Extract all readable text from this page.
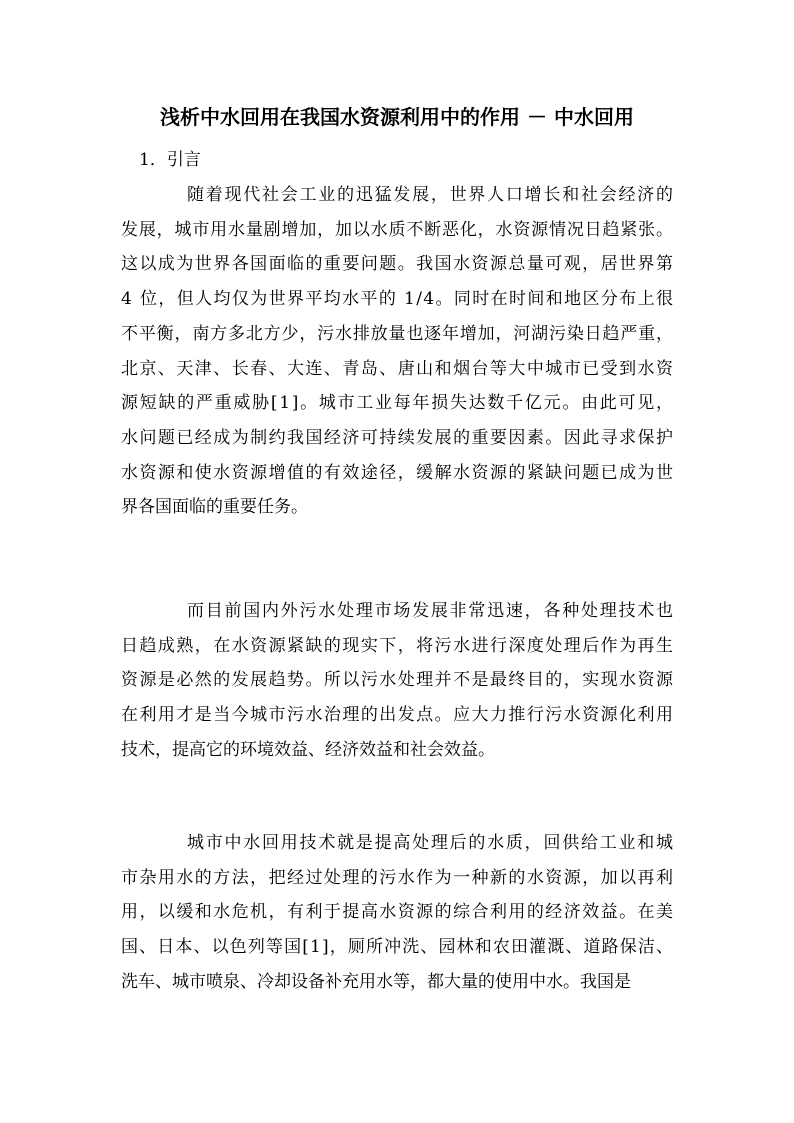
浅析中水回用在我国水资源利用中的作用 － 中水回用
1．引言
随着现代社会工业的迅猛发展，世界人口增长和社会经济的
发展，城市用水量剧增加，加以水质不断恶化，水资源情况日趋紧张。
这以成为世界各国面临的重要问题。我国水资源总量可观，居世界第
4 位，但人均仅为世界平均水平的 1/4。同时在时间和地区分布上很
不平衡，南方多北方少，污水排放量也逐年增加，河湖污染日趋严重，
北京、天津、长春、大连、青岛、唐山和烟台等大中城市已受到水资
源短缺的严重威胁[1]。城市工业每年损失达数千亿元。由此可见，
水问题已经成为制约我国经济可持续发展的重要因素。因此寻求保护
水资源和使水资源增值的有效途径，缓解水资源的紧缺问题已成为世
界各国面临的重要任务。
而目前国内外污水处理市场发展非常迅速，各种处理技术也
日趋成熟，在水资源紧缺的现实下，将污水进行深度处理后作为再生
资源是必然的发展趋势。所以污水处理并不是最终目的，实现水资源
在利用才是当今城市污水治理的出发点。应大力推行污水资源化利用
技术，提高它的环境效益、经济效益和社会效益。
城市中水回用技术就是提高处理后的水质，回供给工业和城
市杂用水的方法，把经过处理的污水作为一种新的水资源，加以再利
用，以缓和水危机，有利于提高水资源的综合利用的经济效益。在美
国、日本、以色列等国[1]，厕所冲洗、园林和农田灌溉、道路保洁、
洗车、城市喷泉、冷却设备补充用水等，都大量的使用中水。我国是
